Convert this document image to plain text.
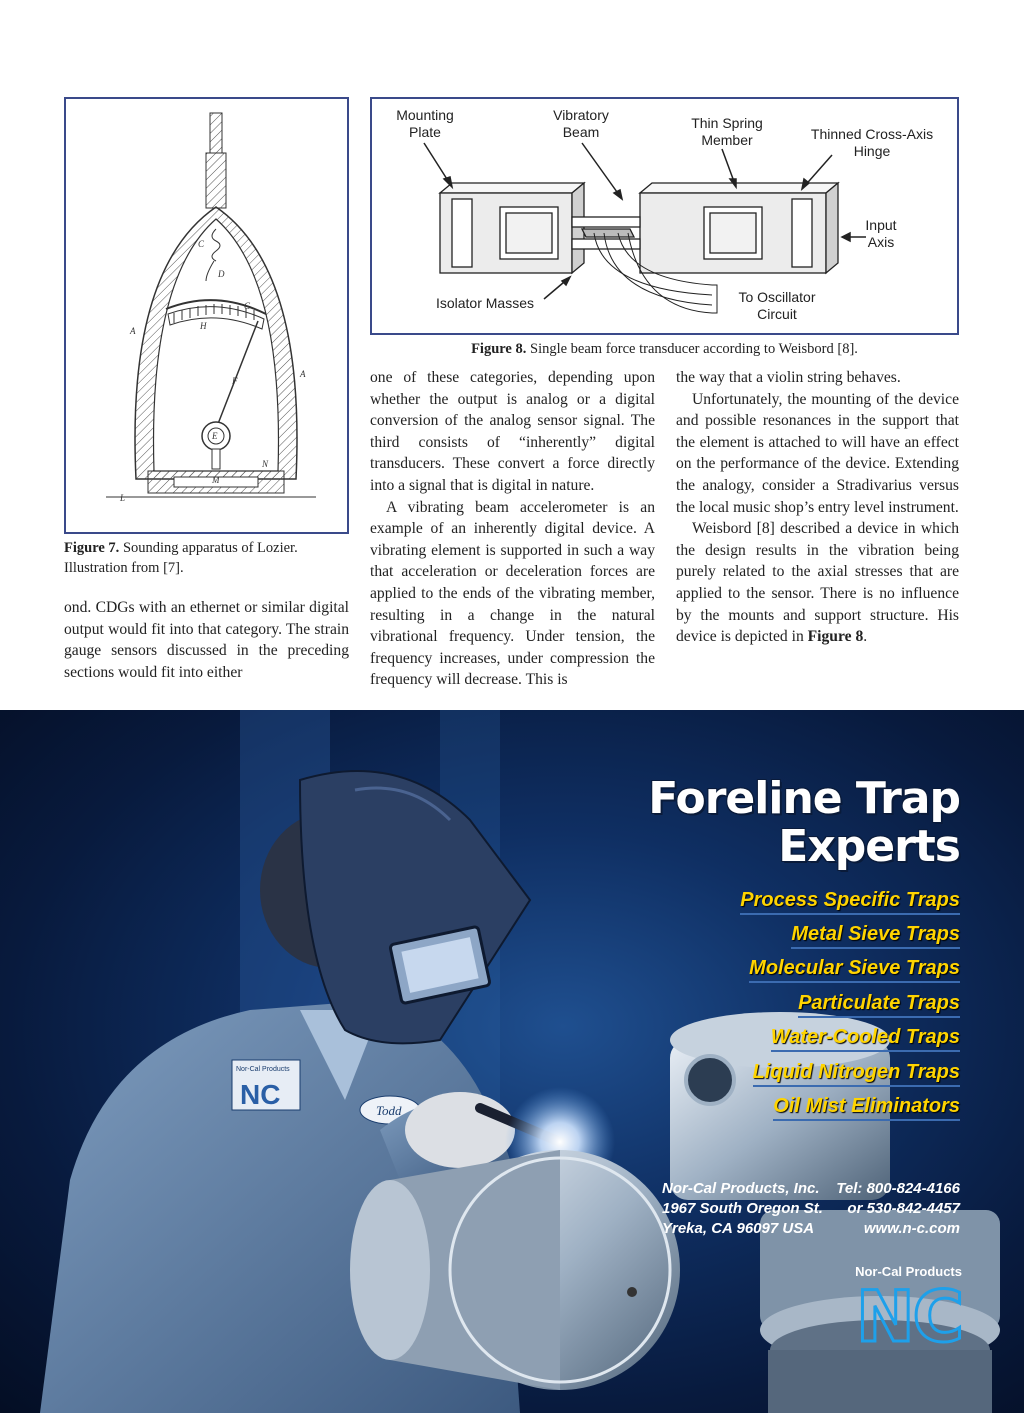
C
D
G
H
A
A
F
E
M
N
L
Figure 7. Sounding apparatus of Lozier. Illustration from [7].
Mounting
Plate
Vibratory
Beam
Thin Spring
Member	Thinned Cross-Axis
Hinge
Input
Axis
Isolator Masses	To Oscillator
Circuit
Figure 8. Single beam force transducer according to Weisbord [8].

ond. CDGs with an ethernet or similar digital output would fit into that category. The strain gauge sensors discussed in the preceding sections would fit into either

one of these categories, depending upon whether the output is analog or a digital conversion of the analog sensor signal. The third consists of “inherently” digital transducers. These convert a force directly into a signal that is digital in nature.

A vibrating beam accelerometer is an example of an inherently digital device. A vibrating element is supported in such a way that acceleration or deceleration forces are applied to the ends of the vibrating member, resulting in a change in the natural vibrational frequency. Under tension, the frequency increases, under compression the frequency will decrease. This is

the way that a violin string behaves.

Unfortunately, the mounting of the device and possible resonances in the support that the element is attached to will have an effect on the performance of the device. Extending the analogy, consider a Stradivarius versus the local music shop’s entry level instrument.

Weisbord [8] described a device in which the design results in the vibration being purely related to the axial stresses that are applied to the sensor. There is no influence by the mounts and support structure. His device is depicted in Figure 8.

Nor-Cal Products
NC
Todd
Foreline Trap
Experts
Process Specific Traps
Metal Sieve Traps
Molecular Sieve Traps
Particulate Traps
Water-Cooled Traps
Liquid Nitrogen Traps
Oil Mist Eliminators
Nor-Cal Products, Inc.
1967 South Oregon St.
Yreka, CA 96097 USA
Tel: 800-824-4166
or 530-842-4457
www.n-c.com
Nor-Cal Products
NC
